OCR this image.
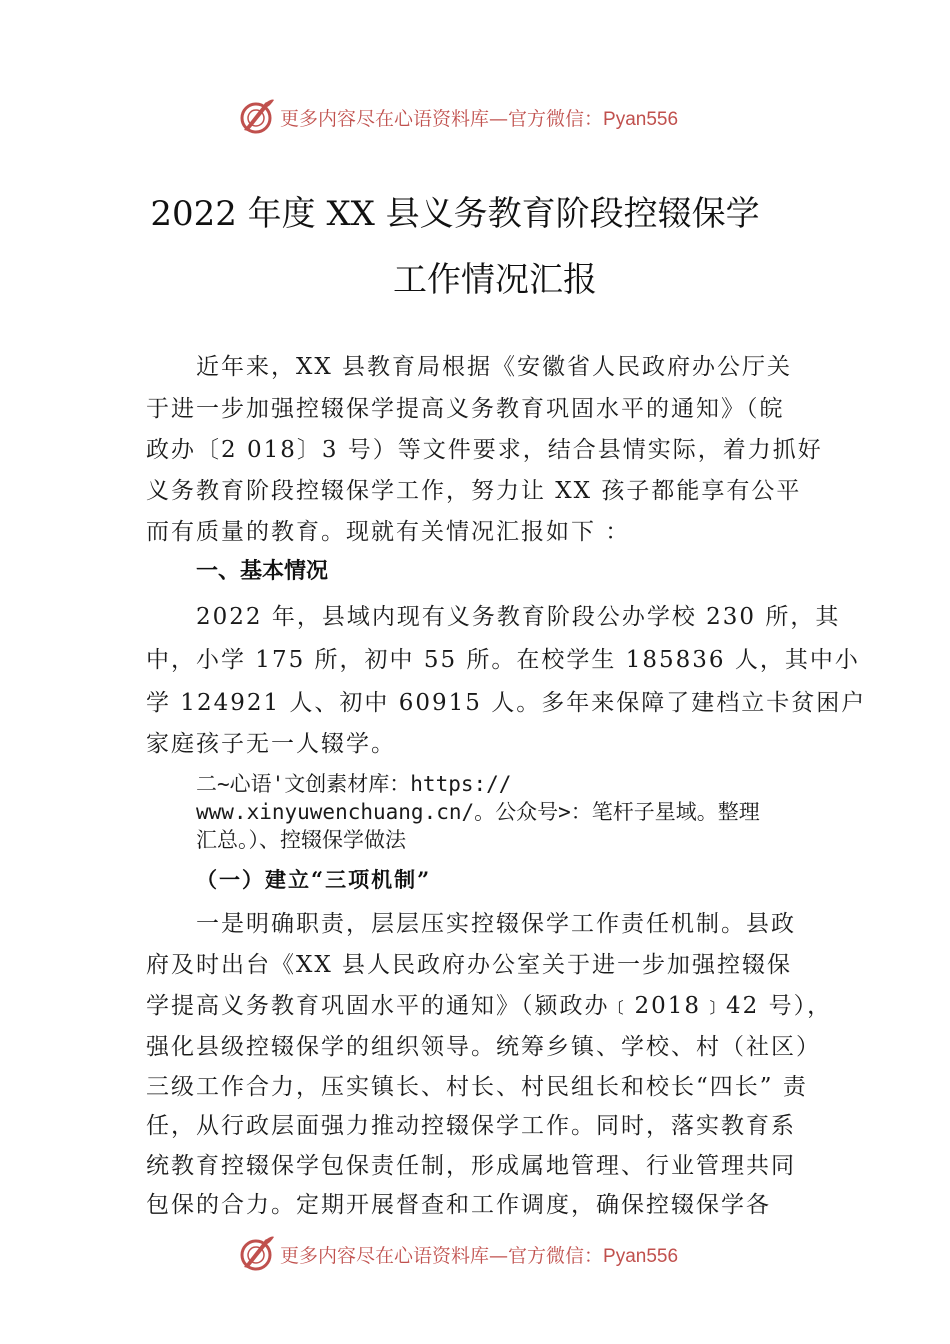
更多内容尽在心语资料库—官方微信：Pyan556
2022 年度 XX 县义务教育阶段控辍保学
工作情况汇报
近年来，XX 县教育局根据《安徽省人民政府办公厅关
于进一步加强控辍保学提高义务教育巩固水平的通知》（皖
政办〔2 018〕3 号）等文件要求，结合县情实际，着力抓好
义务教育阶段控辍保学工作，努力让 XX 孩子都能享有公平
而有质量的教育。现就有关情况汇报如下 ：
一、基本情况
2022 年，县域内现有义务教育阶段公办学校 230 所，其
中，小学 175 所，初中 55 所。在校学生 185836 人，其中小
学 124921 人、初中 60915 人。多年来保障了建档立卡贫困户
家庭孩子无一人辍学。
二~心语'文创素材库：https://
www.xinyuwenchuang.cn/。公众号>：笔杆子星域。整理
汇总。）、控辍保学做法
（一）建立“三项机制”
一是明确职责，层层压实控辍保学工作责任机制。县政
府及时出台《XX 县人民政府办公室关于进一步加强控辍保
学提高义务教育巩固水平的通知》（颍政办﹝2018﹞42 号），
强化县级控辍保学的组织领导。统筹乡镇、学校、村（社区）
三级工作合力，压实镇长、村长、村民组长和校长“四长” 责
任，从行政层面强力推动控辍保学工作。同时，落实教育系
统教育控辍保学包保责任制，形成属地管理、行业管理共同
包保的合力。定期开展督查和工作调度，确保控辍保学各
更多内容尽在心语资料库—官方微信：Pyan556
